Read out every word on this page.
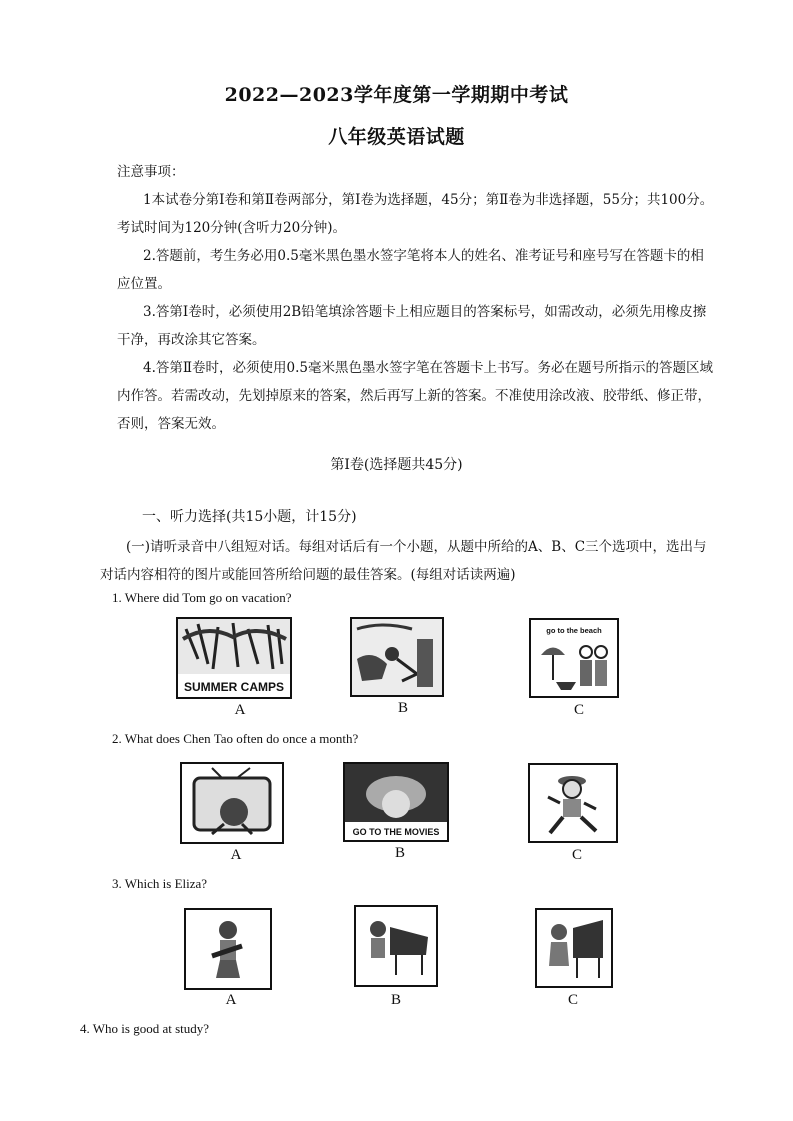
2022—2023学年度第一学期期中考试
八年级英语试题
注意事项：
1本试卷分第Ⅰ卷和第Ⅱ卷两部分，第Ⅰ卷为选择题，45分；第Ⅱ卷为非选择题，55分；共100分。考试时间为120分钟(含听力20分钟)。
2.答题前，考生务必用0.5毫米黑色墨水签字笔将本人的姓名、准考证号和座号写在答题卡的相应位置。
3.答第Ⅰ卷时，必须使用2B铅笔填涂答题卡上相应题目的答案标号，如需改动，必须先用橡皮擦干净，再改涂其它答案。
4.答第Ⅱ卷时，必须使用0.5毫米黑色墨水签字笔在答题卡上书写。务必在题号所指示的答题区域内作答。若需改动，先划掉原来的答案，然后再写上新的答案。不准使用涂改液、胶带纸、修正带，否则，答案无效。
第Ⅰ卷(选择题共45分)
一、听力选择(共15小题，计15分)
(一)请听录音中八组短对话。每组对话后有一个小题，从题中所给的A、B、C三个选项中，选出与对话内容相符的图片或能回答所给问题的最佳答案。(每组对话读两遍)
1. Where did Tom go on vacation?
SUMMER CAMPS
go to the beach
A	B	C
2. What does Chen Tao often do once a month?
GO TO THE MOVIES
A	B	C
3. Which is Eliza?
A	B	C
4. Who is good at study?
